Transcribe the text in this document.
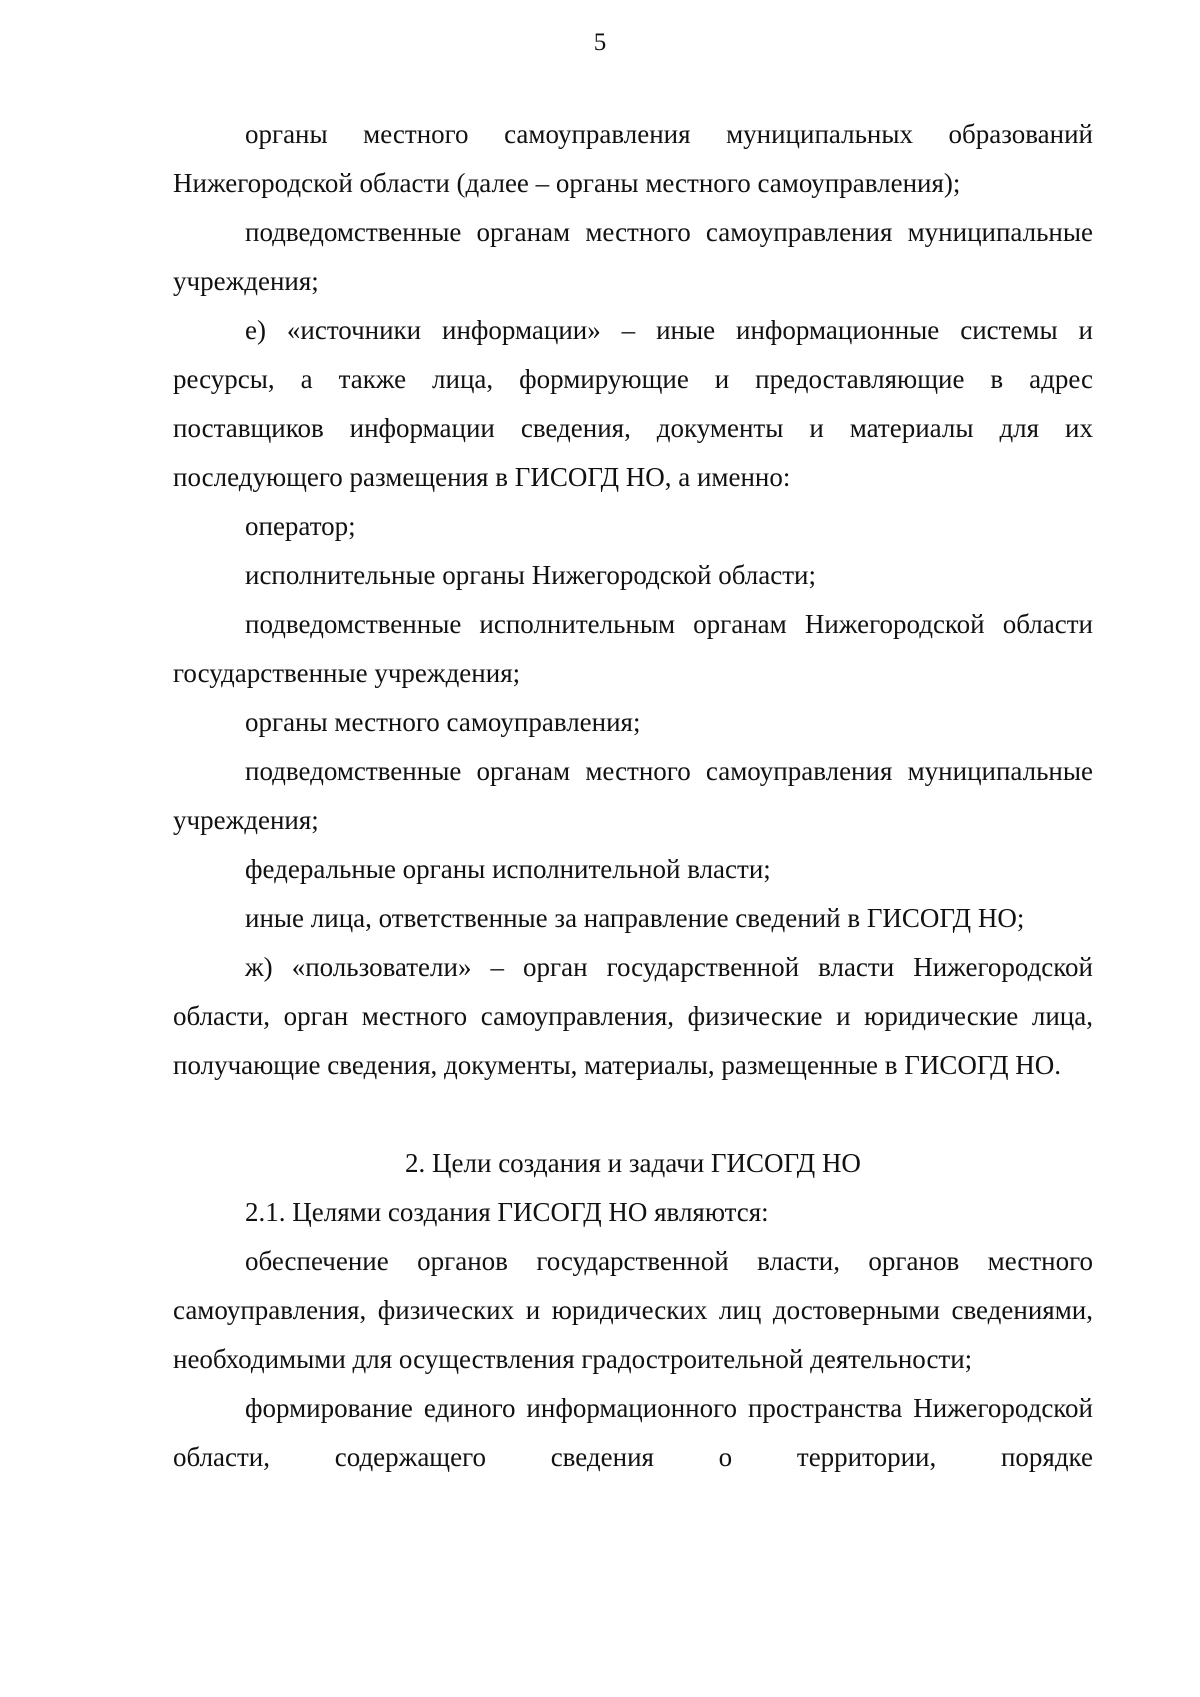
5

органы местного самоуправления муниципальных образований Нижегородской области (далее – органы местного самоуправления);

подведомственные органам местного самоуправления муниципальные учреждения;

е) «источники информации» – иные информационные системы и ресурсы, а также лица, формирующие и предоставляющие в адрес поставщиков информации сведения, документы и материалы для их последующего размещения в ГИСОГД НО, а именно:

оператор;

исполнительные органы Нижегородской области;

подведомственные исполнительным органам Нижегородской области государственные учреждения;

органы местного самоуправления;

подведомственные органам местного самоуправления муниципальные учреждения;

федеральные органы исполнительной власти;

иные лица, ответственные за направление сведений в ГИСОГД НО;

ж) «пользователи» – орган государственной власти Нижегородской области, орган местного самоуправления, физические и юридические лица, получающие сведения, документы, материалы, размещенные в ГИСОГД НО.

2. Цели создания и задачи ГИСОГД НО

2.1. Целями создания ГИСОГД НО являются:

обеспечение органов государственной власти, органов местного самоуправления, физических и юридических лиц достоверными сведениями, необходимыми для осуществления градостроительной деятельности;

формирование единого информационного пространства Нижегородской области, содержащего сведения о территории, порядке
